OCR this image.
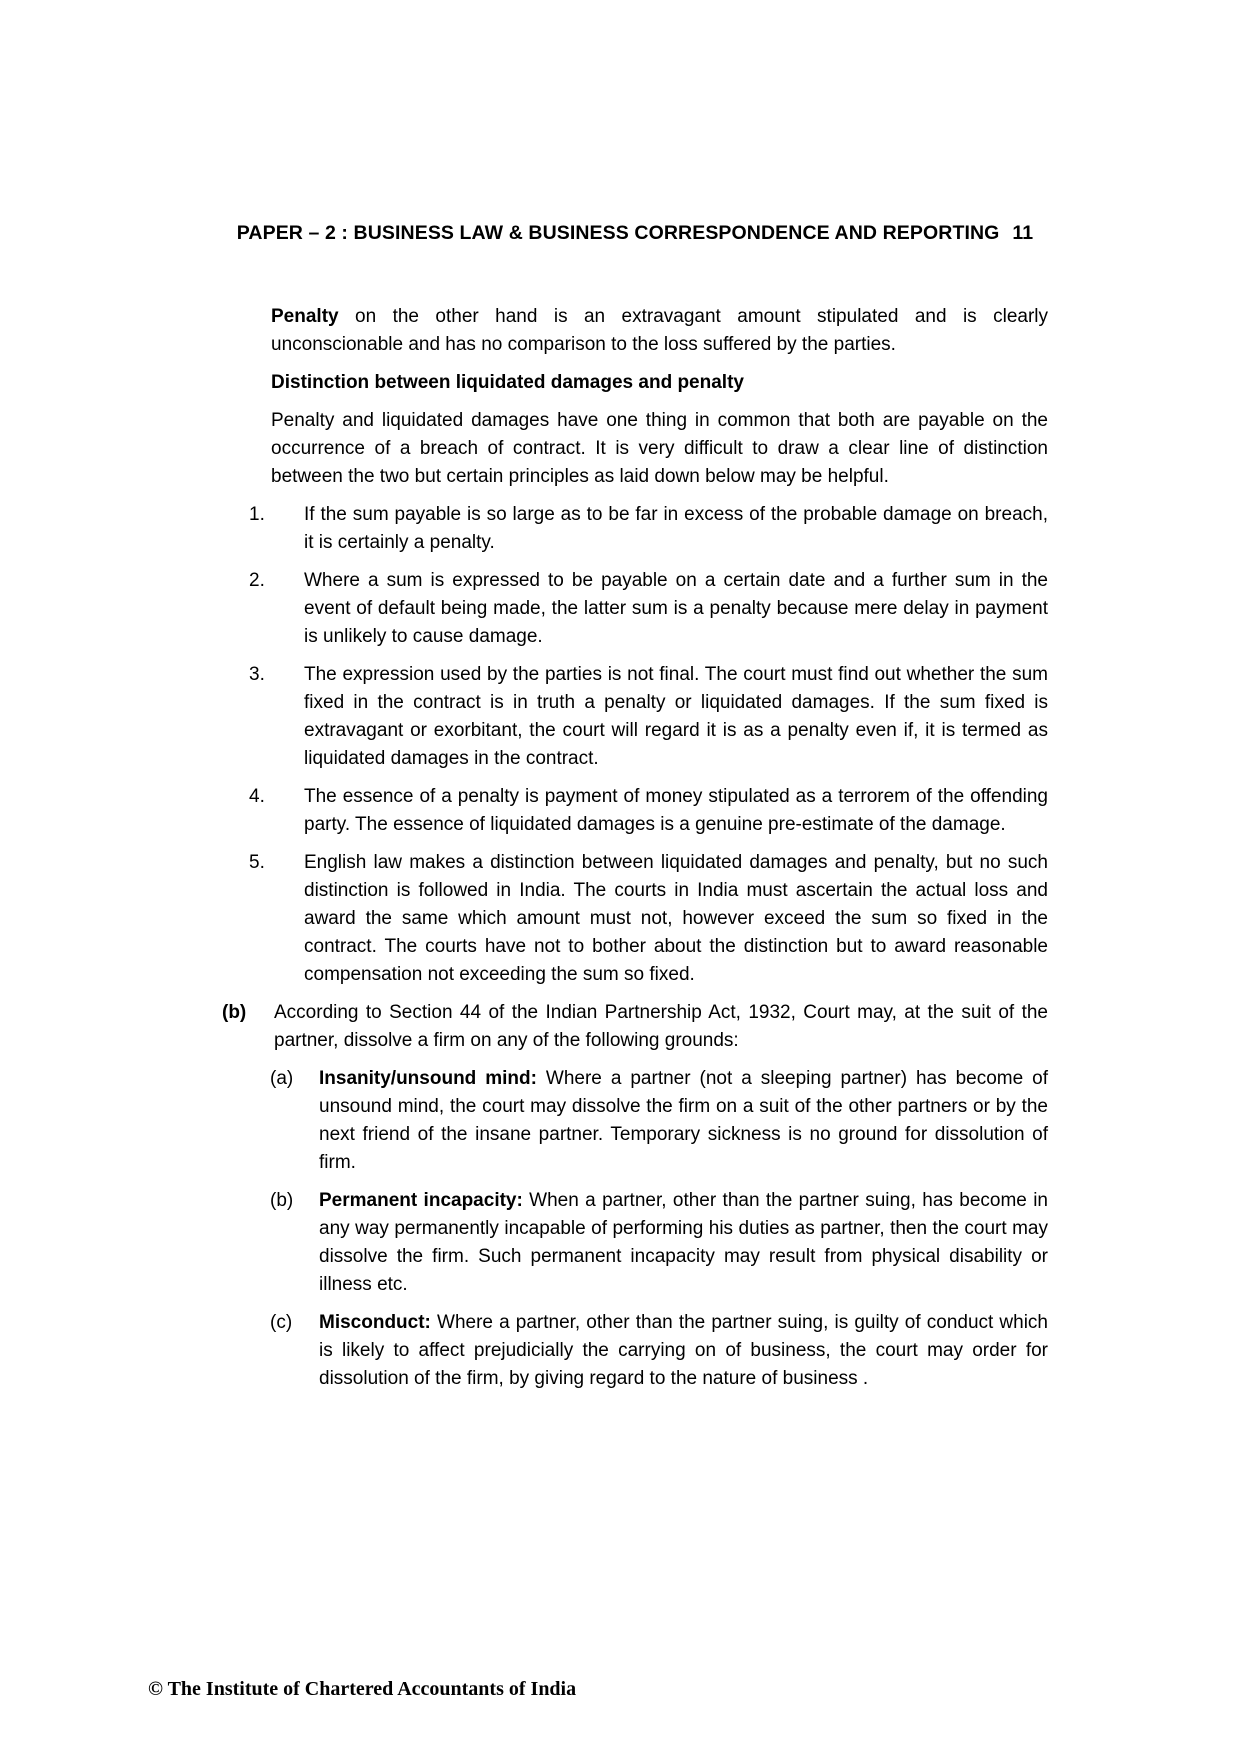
PAPER – 2 : BUSINESS LAW & BUSINESS CORRESPONDENCE AND REPORTING 11
Penalty on the other hand is an extravagant amount stipulated and is clearly unconscionable and has no comparison to the loss suffered by the parties.
Distinction between liquidated damages and penalty
Penalty and liquidated damages have one thing in common that both are payable on the occurrence of a breach of contract. It is very difficult to draw a clear line of distinction between the two but certain principles as laid down below may be helpful.
1.	If the sum payable is so large as to be far in excess of the probable damage on breach, it is certainly a penalty.
2.	Where a sum is expressed to be payable on a certain date and a further sum in the event of default being made, the latter sum is a penalty because mere delay in payment is unlikely to cause damage.
3.	The expression used by the parties is not final. The court must find out whether the sum fixed in the contract is in truth a penalty or liquidated damages. If the sum fixed is extravagant or exorbitant, the court will regard it is as a penalty even if, it is termed as liquidated damages in the contract.
4.	The essence of a penalty is payment of money stipulated as a terrorem of the offending party. The essence of liquidated damages is a genuine pre-estimate of the damage.
5.	English law makes a distinction between liquidated damages and penalty, but no such distinction is followed in India. The courts in India must ascertain the actual loss and award the same which amount must not, however exceed the sum so fixed in the contract. The courts have not to bother about the distinction but to award reasonable compensation not exceeding the sum so fixed.
(b)	According to Section 44 of the Indian Partnership Act, 1932, Court may, at the suit of the partner, dissolve a firm on any of the following grounds:
(a)	Insanity/unsound mind: Where a partner (not a sleeping partner) has become of unsound mind, the court may dissolve the firm on a suit of the other partners or by the next friend of the insane partner. Temporary sickness is no ground for dissolution of firm.
(b)	Permanent incapacity: When a partner, other than the partner suing, has become in any way permanently incapable of performing his duties as partner, then the court may dissolve the firm. Such permanent incapacity may result from physical disability or illness etc.
(c)	Misconduct: Where a partner, other than the partner suing, is guilty of conduct which is likely to affect prejudicially the carrying on of business, the court may order for dissolution of the firm, by giving regard to the nature of business .
© The Institute of Chartered Accountants of India
